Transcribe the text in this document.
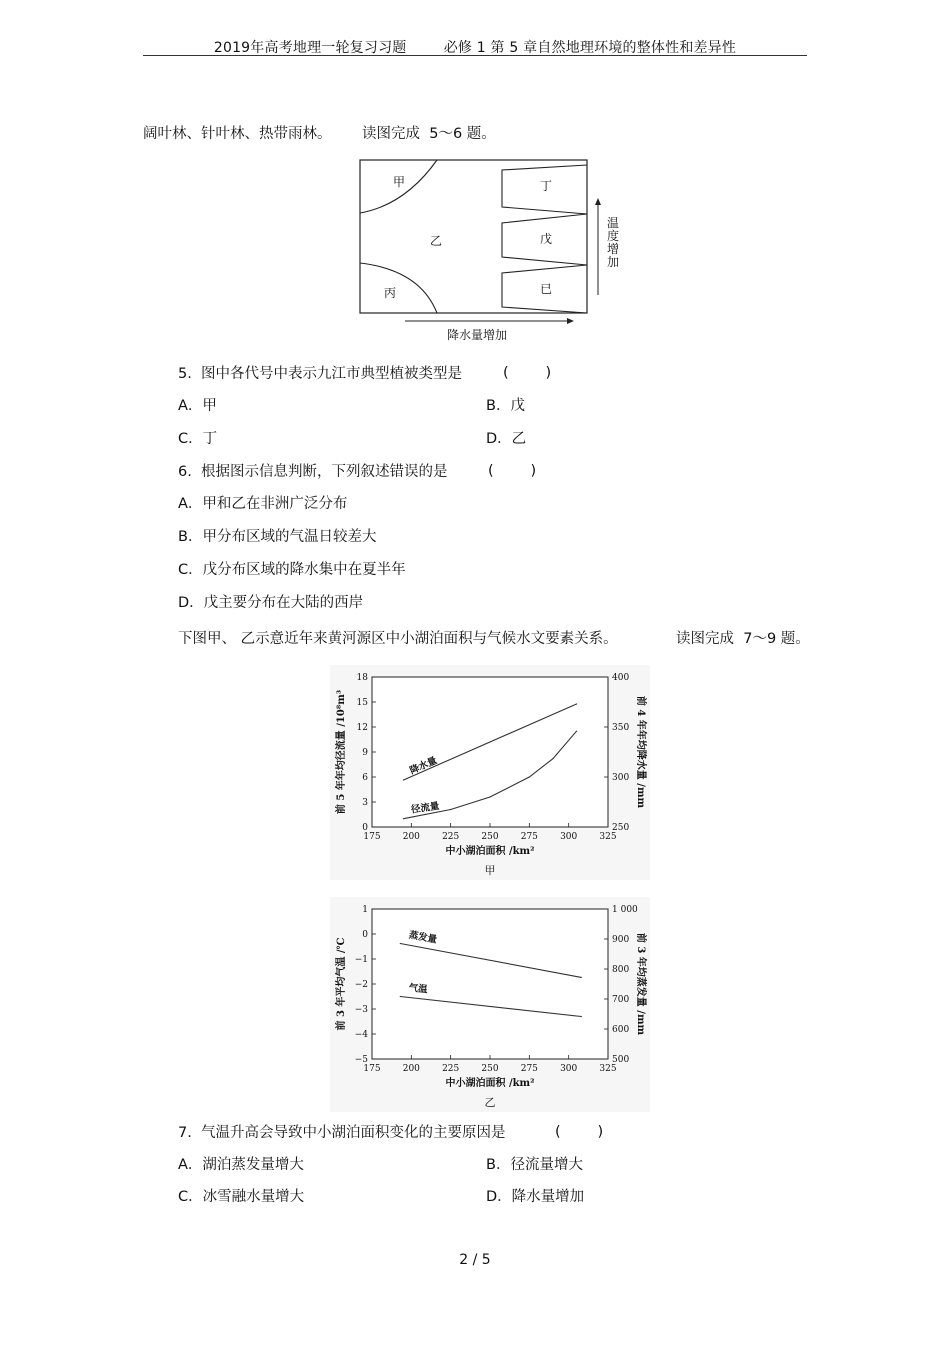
2019年高考地理一轮复习习题	必修 1 第 5 章自然地理环境的整体性和差异性
阔叶林、针叶林、热带雨林。 读图完成  5～6 题。
甲
乙
丙
丁
戊
已
降水量增加
温
度
增
加
5.  图中各代号中表示九江市典型植被类型是	(        )
A．甲	B．戊
C．丁	D．乙
6.  根据图示信息判断，下列叙述错误的是	(        )
A．甲和乙在非洲广泛分布
B．甲分布区域的气温日较差大
C．戊分布区域的降水集中在夏半年
D．戊主要分布在大陆的西岸
下图甲、 乙示意近年来黄河源区中小湖泊面积与气候水文要素关系。	读图完成  7～9 题。
175 200 225 250 275 300 325
0
3
6
9
12
15
18
250
300
350
400
中小湖泊面积 /km²
前 5 年年均径流量 /10⁸m³	前 4 年年均降水量 /mm
降水量
径流量
甲
175 200 225 250 275 300 325
−5
−4
−3
−2
−1
0
1
500
600
700
800
900
1 000
中小湖泊面积 /km²
前 3 年平均气温 /℃	前 3 年均蒸发量 /mm
蒸发量
气温
乙
7.  气温升高会导致中小湖泊面积变化的主要原因是	(        )
A．湖泊蒸发量增大	B．径流量增大
C．冰雪融水量增大	D．降水量增加
2 / 5
